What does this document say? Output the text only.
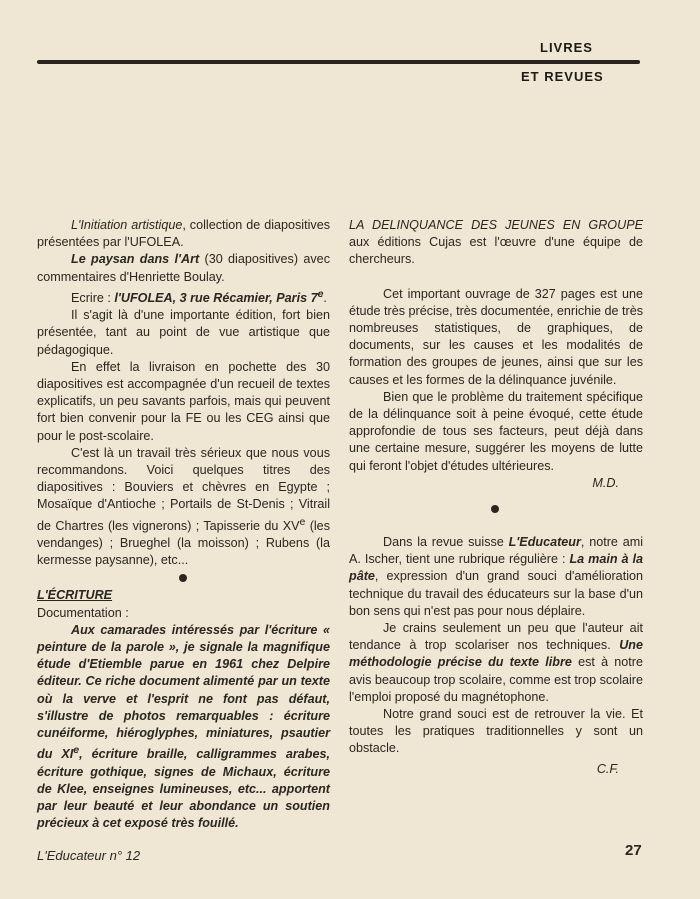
LIVRES
ET REVUES

L'Initiation artistique, collection de diapositives présentées par l'UFOLEA.

Le paysan dans l'Art (30 diapositives) avec commentaires d'Henriette Boulay.

Ecrire : l'UFOLEA, 3 rue Récamier, Paris 7e.

Il s'agit là d'une importante édition, fort bien présentée, tant au point de vue artistique que pédagogique.

En effet la livraison en pochette des 30 diapositives est accompagnée d'un recueil de textes explicatifs, un peu savants parfois, mais qui peuvent fort bien convenir pour la FE ou les CEG ainsi que pour le post-scolaire.

C'est là un travail très sérieux que nous vous recommandons. Voici quelques titres des diapositives : Bouviers et chèvres en Egypte ; Mosaïque d'Antioche ; Portails de St-Denis ; Vitrail de Chartres (les vignerons) ; Tapisserie du XVe (les vendanges) ; Brueghel (la moisson) ; Rubens (la kermesse paysanne), etc...

L'ÉCRITURE

Documentation :

Aux camarades intéressés par l'écriture « peinture de la parole », je signale la magnifique étude d'Etiemble parue en 1961 chez Delpire éditeur. Ce riche document alimenté par un texte où la verve et l'esprit ne font pas défaut, s'illustre de photos remarquables : écriture cunéiforme, hiéroglyphes, miniatures, psautier du XIe, écriture braille, calligrammes arabes, écriture gothique, signes de Michaux, écriture de Klee, enseignes lumineuses, etc... apportent par leur beauté et leur abondance un soutien précieux à cet exposé très fouillé.

LA DELINQUANCE DES JEUNES EN GROUPE aux éditions Cujas est l'œuvre d'une équipe de chercheurs.

Cet important ouvrage de 327 pages est une étude très précise, très documentée, enrichie de très nombreuses statistiques, de graphiques, de documents, sur les causes et les modalités de formation des groupes de jeunes, ainsi que sur les causes et les formes de la délinquance juvénile.

Bien que le problème du traitement spécifique de la délinquance soit à peine évoqué, cette étude approfondie de tous ses facteurs, peut déjà dans une certaine mesure, suggérer les moyens de lutte qui feront l'objet d'études ultérieures.

M.D.

Dans la revue suisse L'Educateur, notre ami A. Ischer, tient une rubrique régulière : La main à la pâte, expression d'un grand souci d'amélioration technique du travail des éducateurs sur la base d'un bon sens qui n'est pas pour nous déplaire.

Je crains seulement un peu que l'auteur ait tendance à trop scolariser nos techniques. Une méthodologie précise du texte libre est à notre avis beaucoup trop scolaire, comme est trop scolaire l'emploi proposé du magnétophone.

Notre grand souci est de retrouver la vie. Et toutes les pratiques traditionnelles y sont un obstacle.

C.F.

L'Educateur n° 12	27
